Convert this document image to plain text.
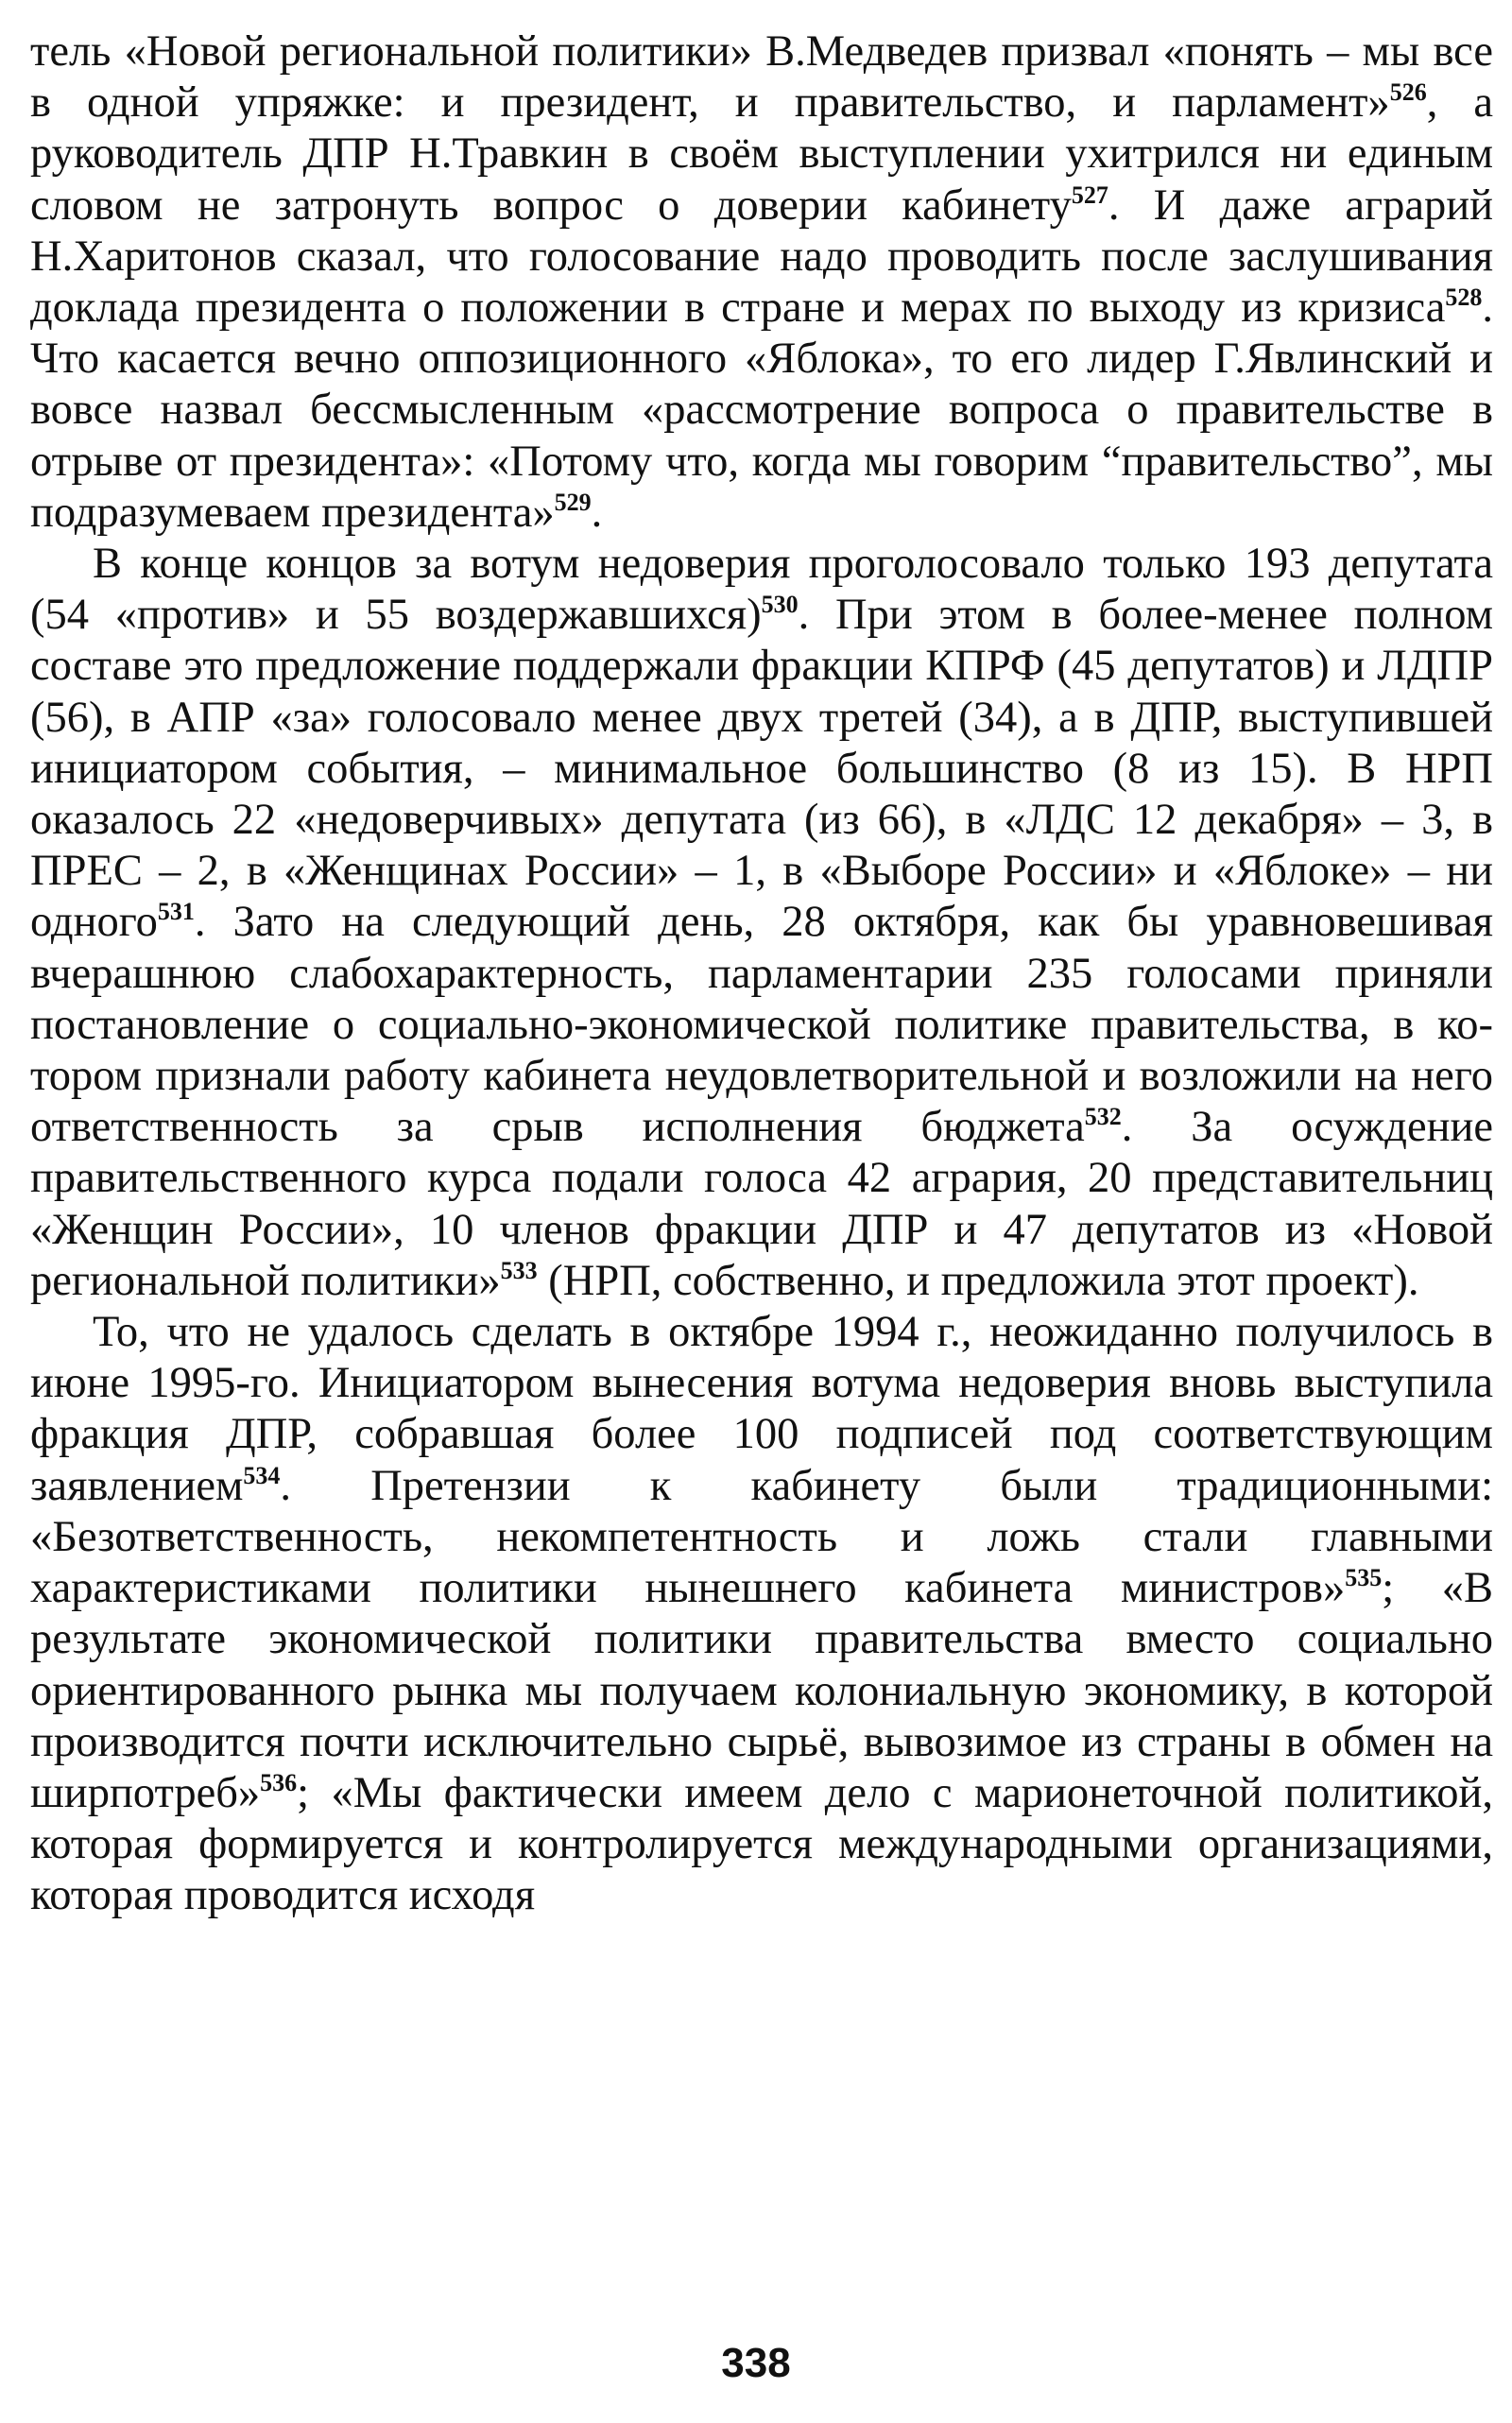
тель «Новой региональной политики» В.Медведев призвал «понять – мы все в одной упряжке: и президент, и правительство, и парламент»$^{526}$, а руководитель ДПР Н.Травкин в своём выступлении ухитрился ни единым словом не затронуть вопрос о доверии кабинету$^{527}$. И даже аграрий Н.Харитонов сказал, что голосование надо проводить после заслушивания доклада президента о положении в стране и мерах по выходу из кризиса$^{528}$. Что касается вечно оппозиционного «Яблока», то его лидер Г.Явлинский и вовсе назвал бессмысленным «рассмотрение вопроса о правительстве в отрыве от президента»: «Потому что, когда мы говорим “правительство”, мы подразумеваем президента»$^{529}$.

В конце концов за вотум недоверия проголосовало только 193 депутата (54 «против» и 55 воздержавшихся)$^{530}$. При этом в более-менее полном составе это предложение поддержали фракции КПРФ (45 депутатов) и ЛДПР (56), в АПР «за» голосовало менее двух третей (34), а в ДПР, выступившей инициатором события, – минимальное большинство (8 из 15). В НРП оказалось 22 «недоверчивых» депутата (из 66), в «ЛДС 12 декабря» – 3, в ПРЕС – 2, в «Женщинах России» – 1, в «Выборе России» и «Яблоке» – ни одного$^{531}$. Зато на следующий день, 28 октября, как бы уравновешивая вчерашнюю слабохарактерность, парламентарии 235 голосами приняли постановление о социально-экономической политике правительства, в котором признали работу кабинета неудовлетворительной и возложили на него ответственность за срыв исполнения бюджета$^{532}$. За осуждение правительственного курса подали голоса 42 агрария, 20 представительниц «Женщин России», 10 членов фракции ДПР и 47 депутатов из «Новой региональной политики»$^{533}$ (НРП, собственно, и предложила этот проект).

То, что не удалось сделать в октябре 1994 г., неожиданно получилось в июне 1995-го. Инициатором вынесения вотума недоверия вновь выступила фракция ДПР, собравшая более 100 подписей под соответствующим заявлением$^{534}$. Претензии к кабинету были традиционными: «Безответственность, некомпетентность и ложь стали главными характеристиками политики нынешнего кабинета министров»$^{535}$; «В результате экономической политики правительства вместо социально ориентированного рынка мы получаем колониальную экономику, в которой производится почти исключительно сырьё, вывозимое из страны в обмен на ширпотреб»$^{536}$; «Мы фактически имеем дело с марионеточной политикой, которая формируется и контролируется международными организациями, которая проводится исходя

338
